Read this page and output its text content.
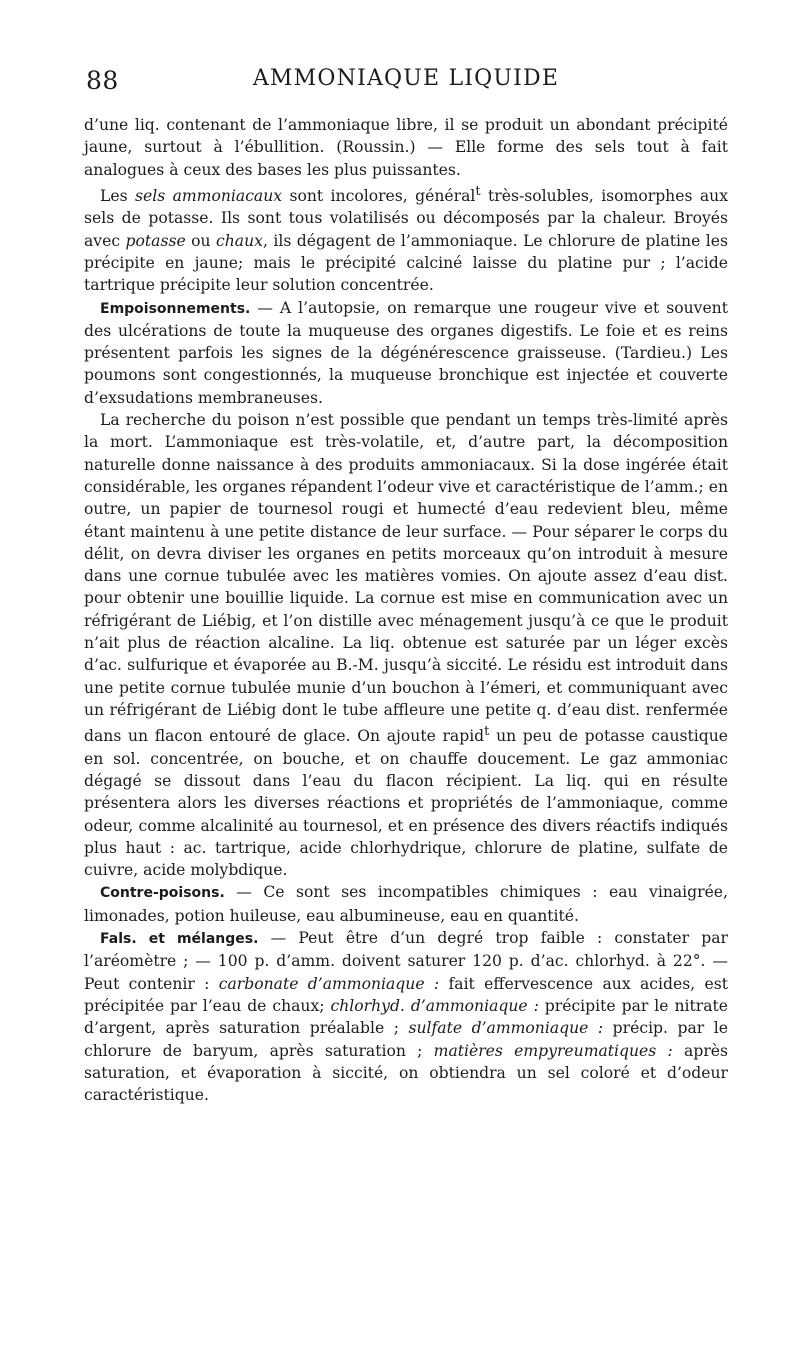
88	AMMONIAQUE LIQUIDE

d’une liq. contenant de l’ammoniaque libre, il se produit un abondant précipité jaune, surtout à l’ébullition. (Roussin.) — Elle forme des sels tout à fait analogues à ceux des bases les plus puissantes.

Les sels ammoniacaux sont incolores, général$^t$ très-solubles, isomorphes aux sels de potasse. Ils sont tous volatilisés ou décomposés par la chaleur. Broyés avec potasse ou chaux, ils dégagent de l’ammoniaque. Le chlorure de platine les précipite en jaune; mais le précipité calciné laisse du platine pur ; l’acide tartrique précipite leur solution concentrée.

Empoisonnements. — A l’autopsie, on remarque une rougeur vive et souvent des ulcérations de toute la muqueuse des organes digestifs. Le foie et es reins présentent parfois les signes de la dégénérescence graisseuse. (Tardieu.) Les poumons sont congestionnés, la muqueuse bronchique est injectée et couverte d’exsudations membraneuses.

La recherche du poison n’est possible que pendant un temps très-limité après la mort. L’ammoniaque est très-volatile, et, d’autre part, la décomposition naturelle donne naissance à des produits ammoniacaux. Si la dose ingérée était considérable, les organes répandent l’odeur vive et caractéristique de l’amm.; en outre, un papier de tournesol rougi et humecté d’eau redevient bleu, même étant maintenu à une petite distance de leur surface. — Pour séparer le corps du délit, on devra diviser les organes en petits morceaux qu’on introduit à mesure dans une cornue tubulée avec les matières vomies. On ajoute assez d’eau dist. pour obtenir une bouillie liquide. La cornue est mise en communication avec un réfrigérant de Liébig, et l’on distille avec ménagement jusqu’à ce que le produit n’ait plus de réaction alcaline. La liq. obtenue est saturée par un léger excès d’ac. sulfurique et évaporée au B.-M. jusqu’à siccité. Le résidu est introduit dans une petite cornue tubulée munie d’un bouchon à l’émeri, et communiquant avec un réfrigérant de Liébig dont le tube affleure une petite q. d’eau dist. renfermée dans un flacon entouré de glace. On ajoute rapid$^t$ un peu de potasse caustique en sol. concentrée, on bouche, et on chauffe doucement. Le gaz ammoniac dégagé se dissout dans l’eau du flacon récipient. La liq. qui en résulte présentera alors les diverses réactions et propriétés de l’ammoniaque, comme odeur, comme alcalinité au tournesol, et en présence des divers réactifs indiqués plus haut : ac. tartrique, acide chlorhydrique, chlorure de platine, sulfate de cuivre, acide molybdique.

Contre-poisons. — Ce sont ses incompatibles chimiques : eau vinaigrée, limonades, potion huileuse, eau albumineuse, eau en quantité.

Fals. et mélanges. — Peut être d’un degré trop faible : constater par l’aréomètre ; — 100 p. d’amm. doivent saturer 120 p. d’ac. chlorhyd. à 22°. — Peut contenir : carbonate d’ammoniaque : fait effervescence aux acides, est précipitée par l’eau de chaux; chlorhyd. d’ammoniaque : précipite par le nitrate d’argent, après saturation préalable ; sulfate d’ammoniaque : précip. par le chlorure de baryum, après saturation ; matières empyreumatiques : après saturation, et évaporation à siccité, on obtiendra un sel coloré et d’odeur caractéristique.
